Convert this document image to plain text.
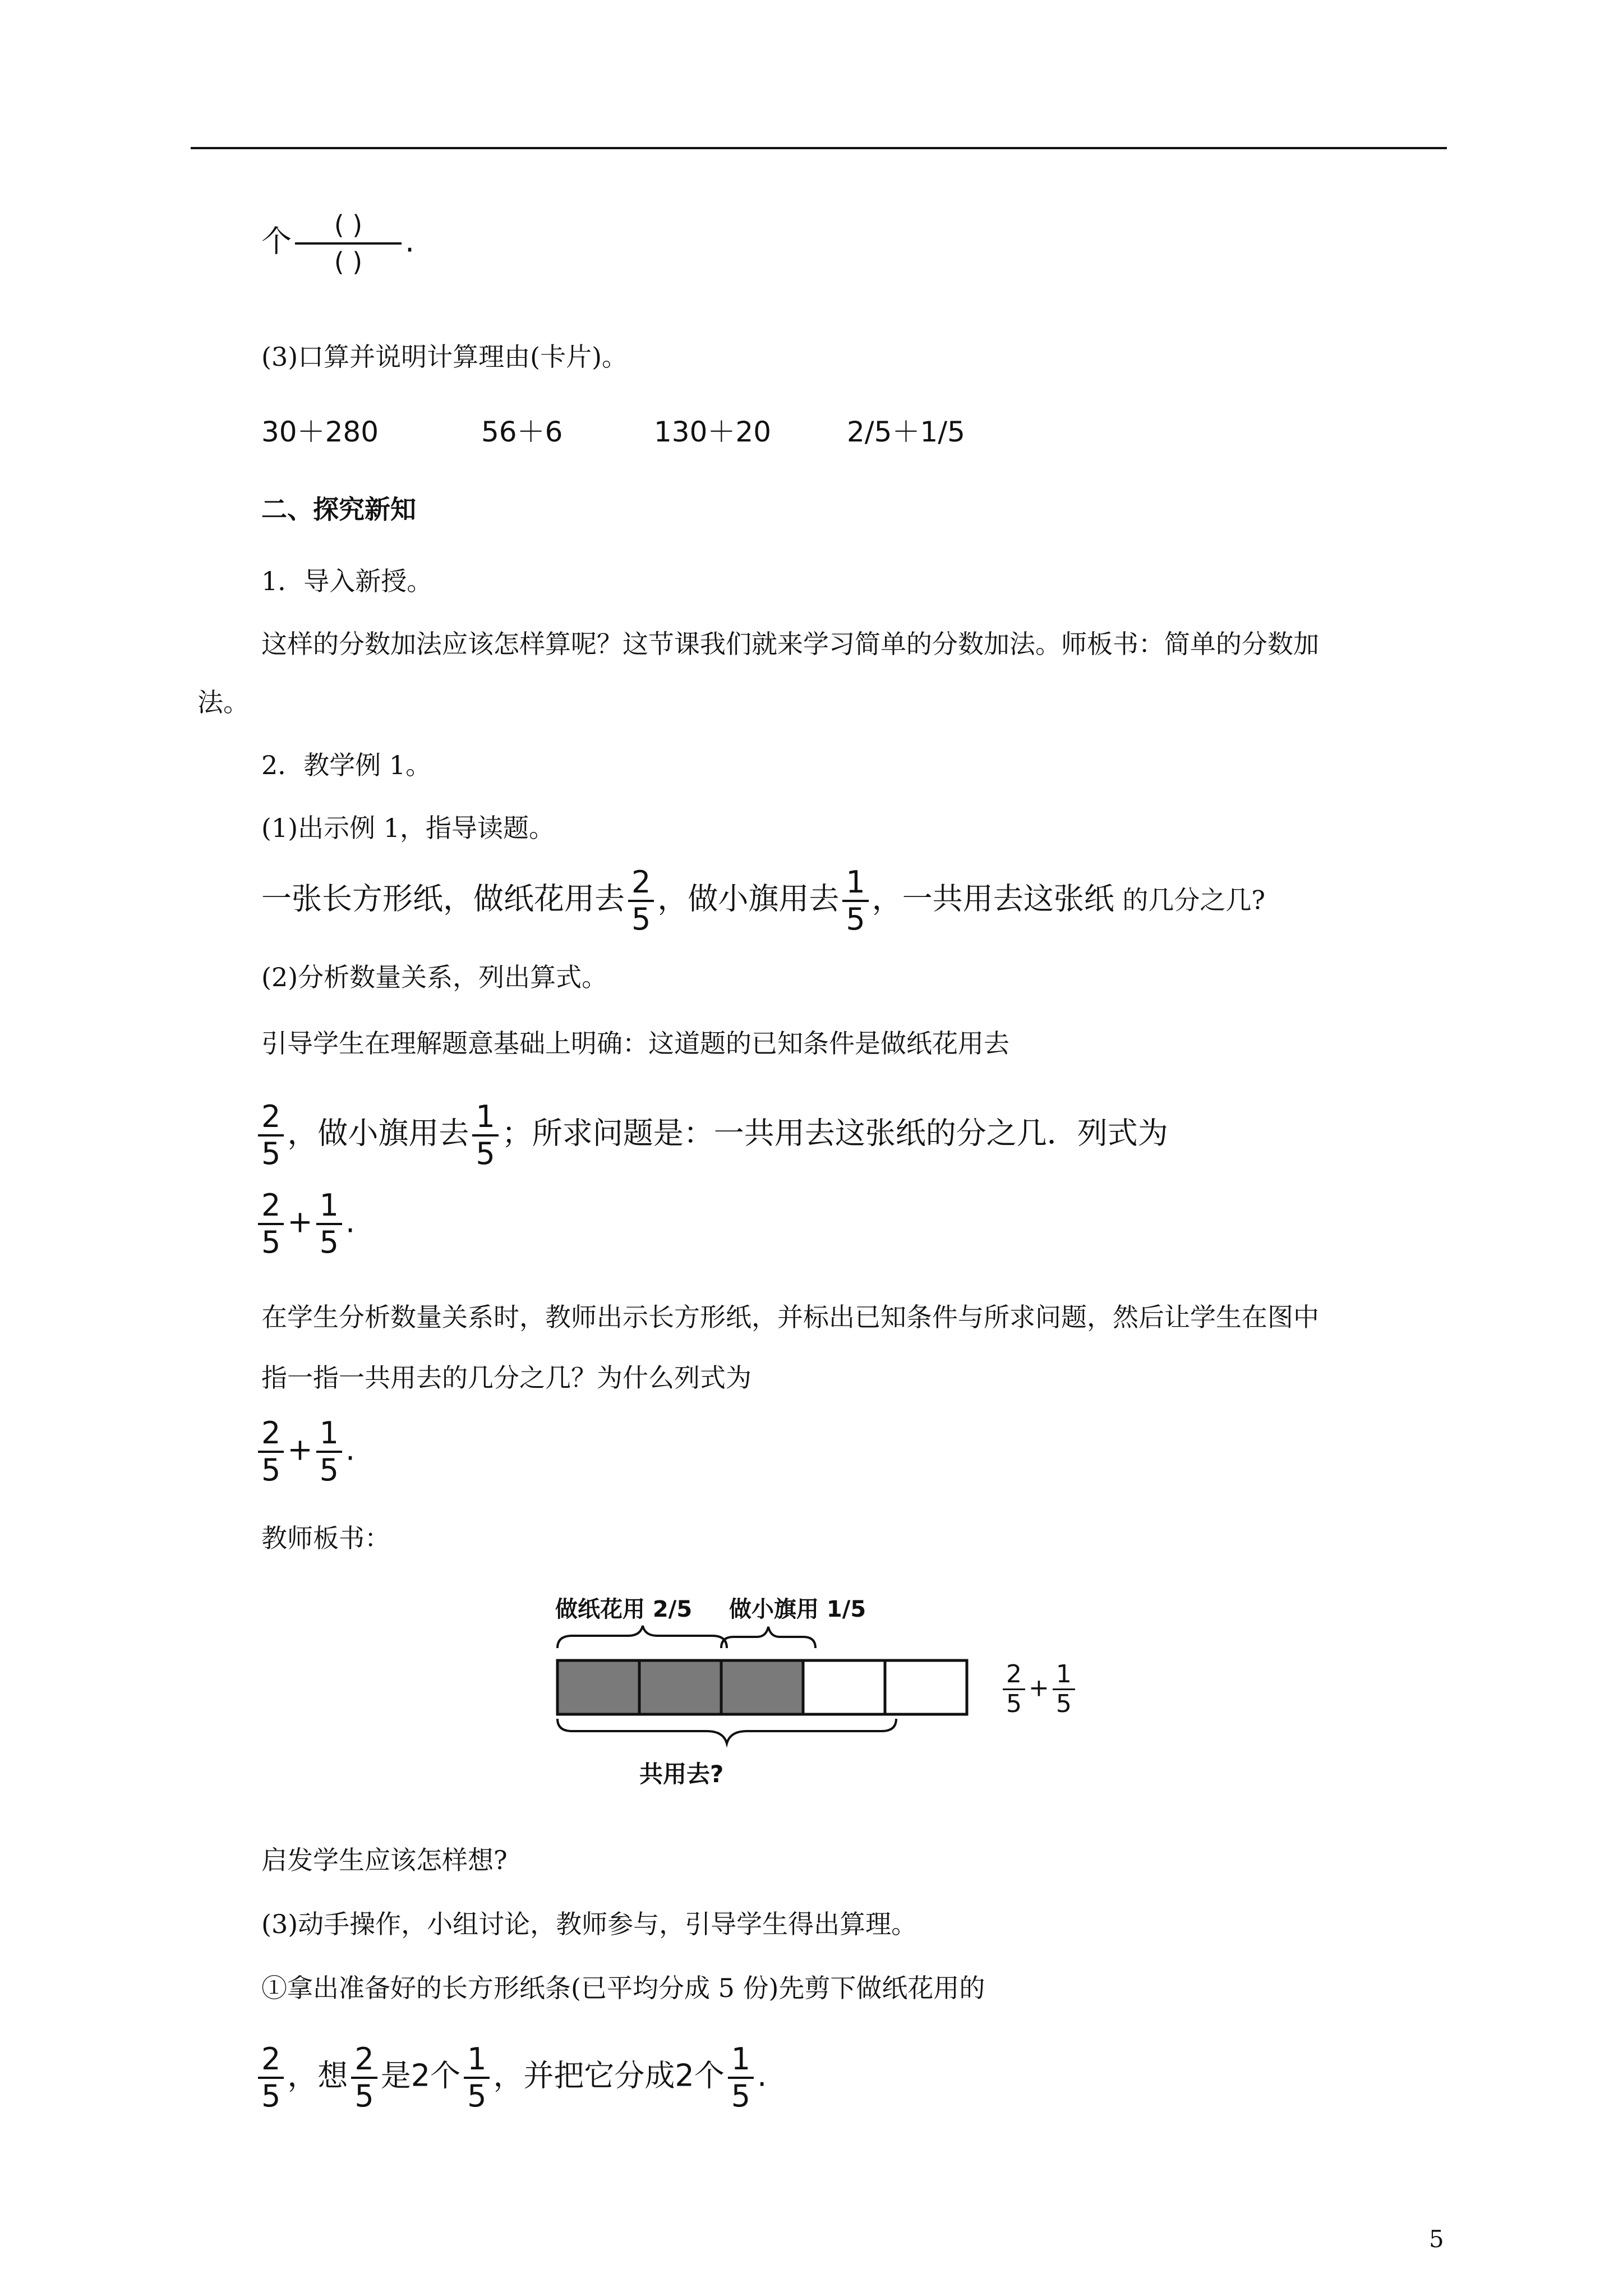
个 $\frac{( )}{( )}$ .
(3)口算并说明计算理由(卡片)。
30＋280	56＋6	130＋20	2/5＋1/5
二、探究新知
1．导入新授。
这样的分数加法应该怎样算呢？这节课我们就来学习简单的分数加法。师板书：简单的分数加
法。
2．教学例 1。
(1)出示例 1，指导读题。
一张长方形纸，做纸花用去 $\frac{2}{5}$ ，做小旗用去 $\frac{1}{5}$ ，一共用去这张纸 的几分之几?
(2)分析数量关系，列出算式。
引导学生在理解题意基础上明确：这道题的已知条件是做纸花用去
$\frac{2}{5}$ ，做小旗用去 $\frac{1}{5}$ ；所求问题是：一共用去这张纸的分之几．列式为
$\frac{2}{5} + \frac{1}{5}$ .
在学生分析数量关系时，教师出示长方形纸，并标出已知条件与所求问题，然后让学生在图中
指一指一共用去的几分之几？为什么列式为
$\frac{2}{5} + \frac{1}{5}$ .
教师板书：
做纸花用 2/5 做小旗用 1/5
共用去?
$\frac{2}{5} + \frac{1}{5}$
启发学生应该怎样想?
(3)动手操作，小组讨论，教师参与，引导学生得出算理。
①拿出准备好的长方形纸条(已平均分成 5 份)先剪下做纸花用的
$\frac{2}{5}$ ，想 $\frac{2}{5}$ 是2个 $\frac{1}{5}$ ，并把它分成2个 $\frac{1}{5}$ .
5
